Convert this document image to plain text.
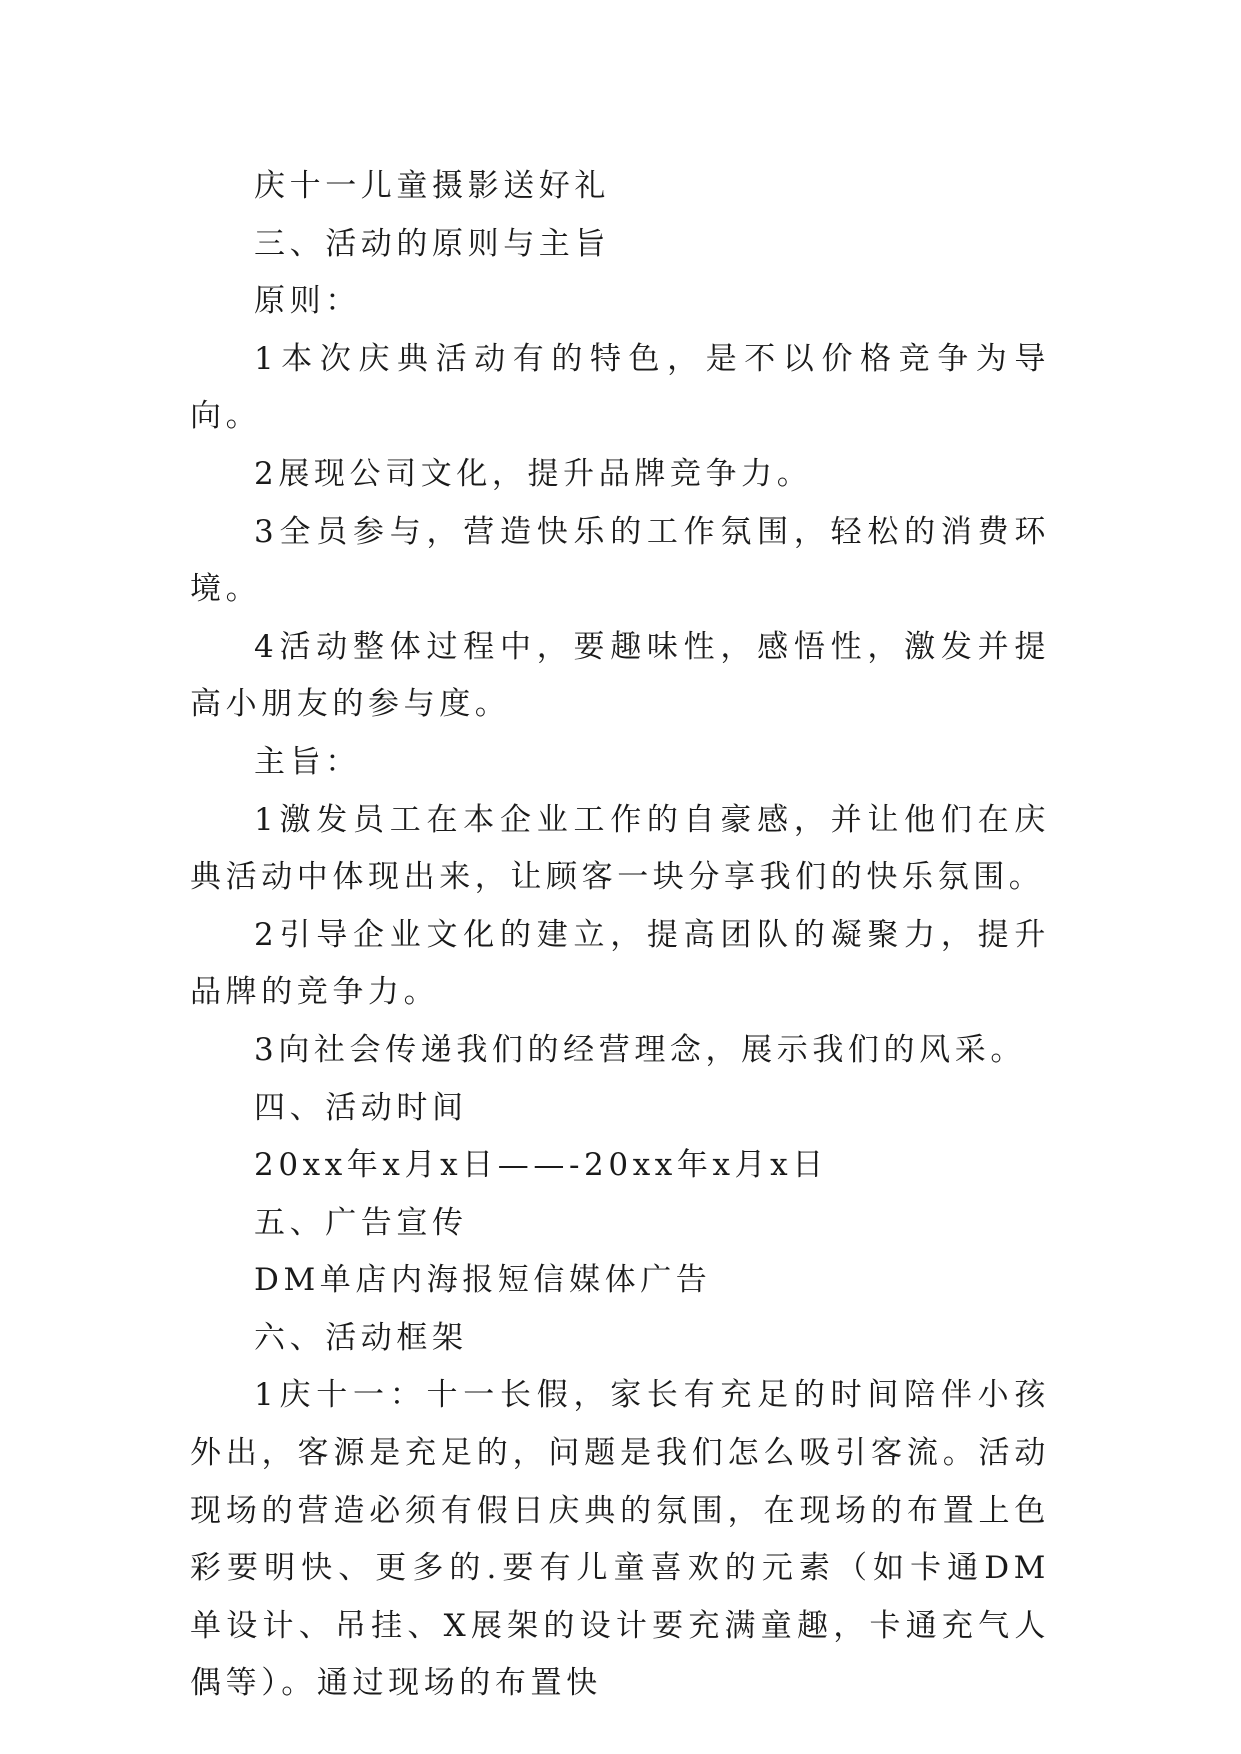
庆十一儿童摄影送好礼

三、活动的原则与主旨

原则：

1本次庆典活动有的特色，是不以价格竞争为导向。

2展现公司文化，提升品牌竞争力。

3全员参与，营造快乐的工作氛围，轻松的消费环境。

4活动整体过程中，要趣味性，感悟性，激发并提高小朋友的参与度。

主旨：

1激发员工在本企业工作的自豪感，并让他们在庆典活动中体现出来，让顾客一块分享我们的快乐氛围。

2引导企业文化的建立，提高团队的凝聚力，提升品牌的竞争力。

3向社会传递我们的经营理念，展示我们的风采。

四、活动时间

20xx年x月x日——-20xx年x月x日

五、广告宣传

DM单店内海报短信媒体广告

六、活动框架

1庆十一：十一长假，家长有充足的时间陪伴小孩外出，客源是充足的，问题是我们怎么吸引客流。活动现场的营造必须有假日庆典的氛围，在现场的布置上色彩要明快、更多的.要有儿童喜欢的元素（如卡通DM单设计、吊挂、X展架的设计要充满童趣，卡通充气人偶等）。通过现场的布置快
